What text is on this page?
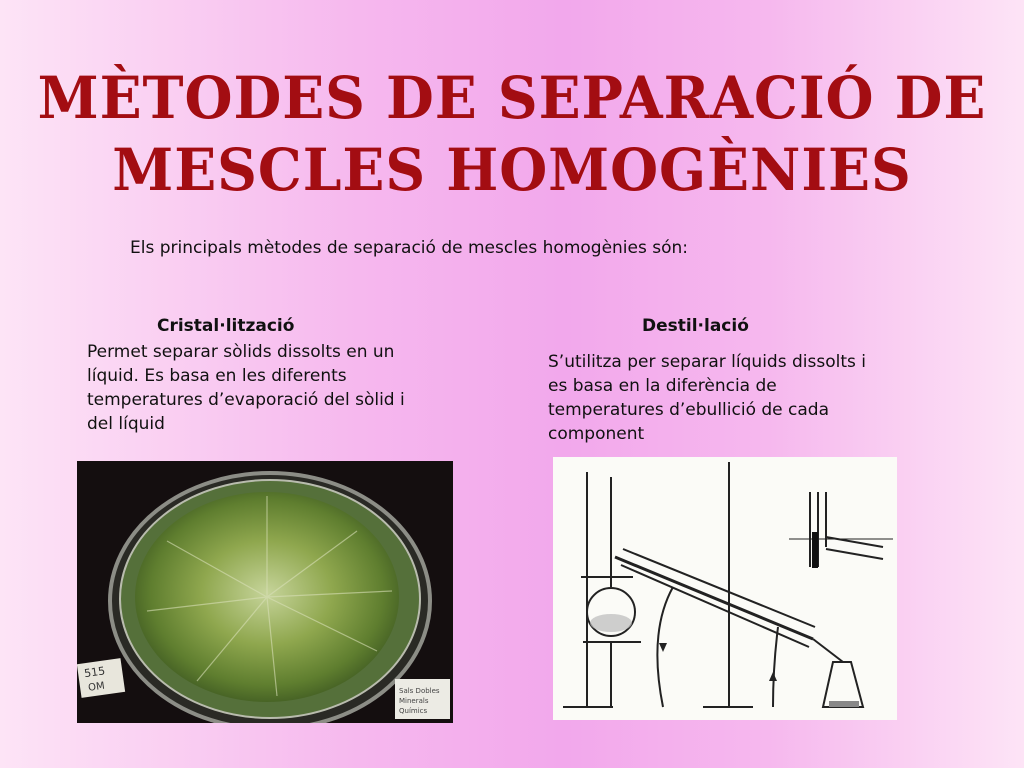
MÈTODES DE SEPARACIÓ DE
MESCLES HOMOGÈNIES
Els principals mètodes de separació de mescles homogènies són:
Cristal·lització
Permet separar sòlids dissolts en un
líquid. Es basa en les diferents
temperatures d’evaporació del sòlid i
del líquid
Destil·lació
S’utilitza per separar líquids dissolts i
es basa en la diferència de
temperatures d’ebullició de cada
component
515
OM	Sals Dobles
Minerals
Químics
